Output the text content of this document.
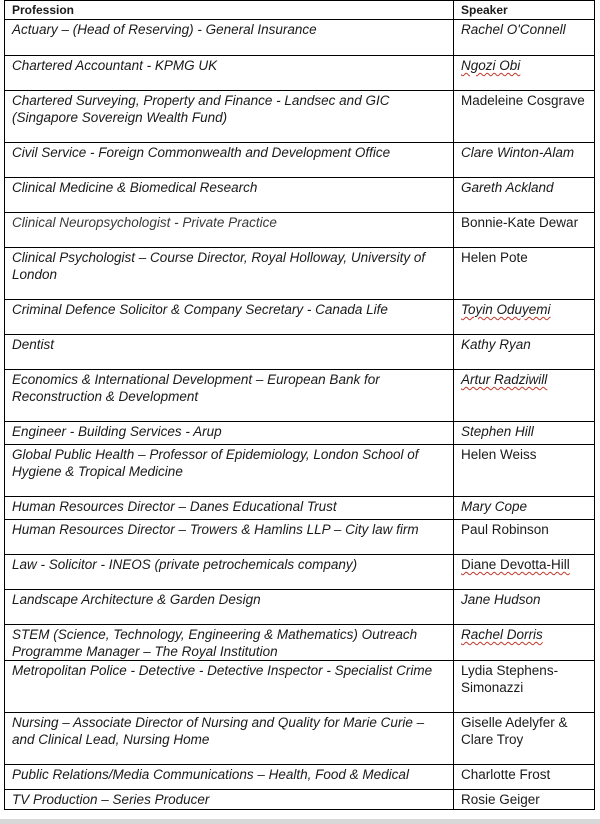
Profession	Speaker
Actuary – (Head of Reserving) - General Insurance	Rachel O'Connell
Chartered Accountant - KPMG UK	Ngozi Obi
Chartered Surveying, Property and Finance - Landsec and GIC (Singapore Sovereign Wealth Fund)	Madeleine Cosgrave
Civil Service - Foreign Commonwealth and Development Office	Clare Winton-Alam
Clinical Medicine & Biomedical Research	Gareth Ackland
Clinical Neuropsychologist - Private Practice	Bonnie-Kate Dewar
Clinical Psychologist – Course Director, Royal Holloway, University of London	Helen Pote
Criminal Defence Solicitor & Company Secretary - Canada Life	Toyin Oduyemi
Dentist	Kathy Ryan
Economics & International Development – European Bank for Reconstruction & Development	Artur Radziwill
Engineer - Building Services - Arup	Stephen Hill
Global Public Health – Professor of Epidemiology, London School of Hygiene & Tropical Medicine	Helen Weiss
Human Resources Director – Danes Educational Trust	Mary Cope
Human Resources Director – Trowers & Hamlins LLP – City law firm	Paul Robinson
Law - Solicitor - INEOS (private petrochemicals company)	Diane Devotta-Hill
Landscape Architecture & Garden Design	Jane Hudson
STEM (Science, Technology, Engineering & Mathematics) Outreach Programme Manager – The Royal Institution	Rachel Dorris
Metropolitan Police - Detective - Detective Inspector - Specialist Crime	Lydia Stephens-Simonazzi
Nursing – Associate Director of Nursing and Quality for Marie Curie – and Clinical Lead, Nursing Home	Giselle Adelyfer & Clare Troy
Public Relations/Media Communications – Health, Food & Medical	Charlotte Frost
TV Production – Series Producer	Rosie Geiger
